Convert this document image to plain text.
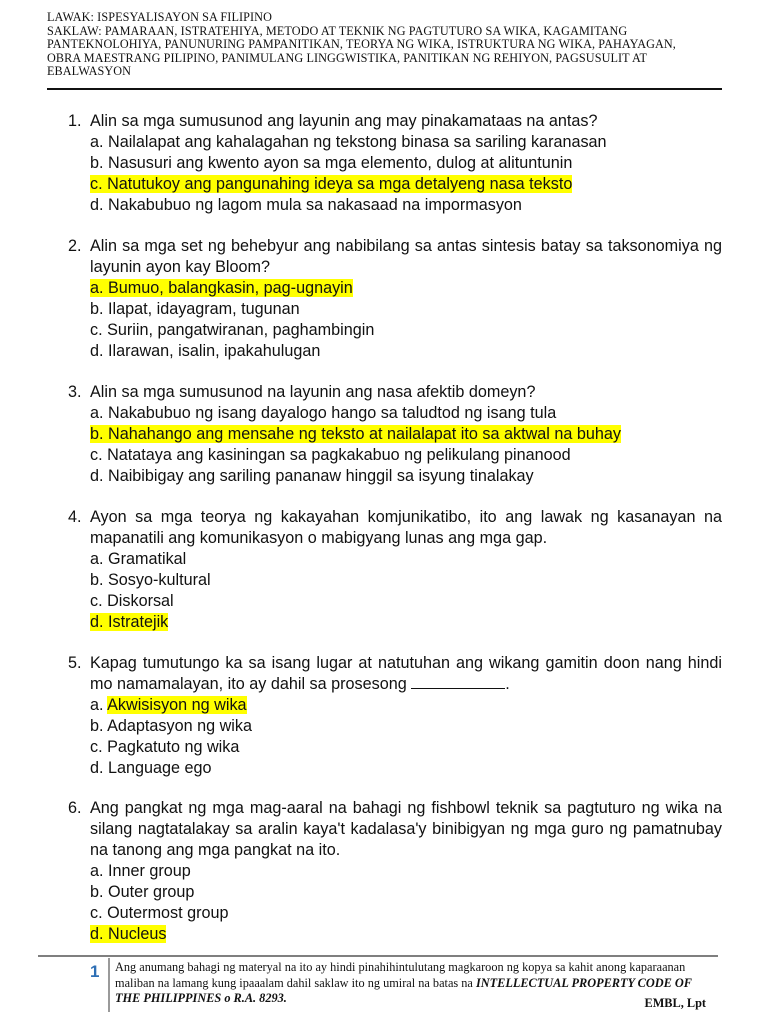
LAWAK: ISPESYALISAYON SA FILIPINO
SAKLAW: PAMARAAN, ISTRATEHIYA, METODO AT TEKNIK NG PAGTUTURO SA WIKA, KAGAMITANG
PANTEKNOLOHIYA, PANUNURING PAMPANITIKAN, TEORYA NG WIKA, ISTRUKTURA NG WIKA, PAHAYAGAN,
OBRA MAESTRANG PILIPINO, PANIMULANG LINGGWISTIKA, PANITIKAN NG REHIYON, PAGSUSULIT AT
EBALWASYON
1. Alin sa mga sumusunod ang layunin ang may pinakamataas na antas?
a. Nailalapat ang kahalagahan ng tekstong binasa sa sariling karanasan
b. Nasusuri ang kwento ayon sa mga elemento, dulog at alituntunin
c. Natutukoy ang pangunahing ideya sa mga detalyeng nasa teksto
d. Nakabubuo ng lagom mula sa nakasaad na impormasyon
2. Alin sa mga set ng behebyur ang nabibilang sa antas sintesis batay sa taksonomiya ng layunin ayon kay Bloom?
a. Bumuo, balangkasin, pag-ugnayin
b. Ilapat, idayagram, tugunan
c. Suriin, pangatwiranan, paghambingin
d. Ilarawan, isalin, ipakahulugan
3. Alin sa mga sumusunod na layunin ang nasa afektib domeyn?
a. Nakabubuo ng isang dayalogo hango sa taludtod ng isang tula
b. Nahahango ang mensahe ng teksto at nailalapat ito sa aktwal na buhay
c. Natataya ang kasiningan sa pagkakabuo ng pelikulang pinanood
d. Naibibigay ang sariling pananaw hinggil sa isyung tinalakay
4. Ayon sa mga teorya ng kakayahan komjunikatibo, ito ang lawak ng kasanayan na mapanatili ang komunikasyon o mabigyang lunas ang mga gap.
a. Gramatikal
b. Sosyo-kultural
c. Diskorsal
d. Istratejik
5. Kapag tumutungo ka sa isang lugar at natutuhan ang wikang gamitin doon nang hindi mo namamalayan, ito ay dahil sa prosesong	.
a. Akwisisyon ng wika
b. Adaptasyon ng wika
c. Pagkatuto ng wika
d. Language ego
6. Ang pangkat ng mga mag-aaral na bahagi ng fishbowl teknik sa pagtuturo ng wika na silang nagtatalakay sa aralin kaya't kadalasa'y binibigyan ng mga guro ng pamatnubay na tanong ang mga pangkat na ito.
a. Inner group
b. Outer group
c. Outermost group
d. Nucleus
1	Ang anumang bahagi ng materyal na ito ay hindi pinahihintulutang magkaroon ng kopya sa kahit anong kaparaanan maliban na lamang kung ipaaalam dahil saklaw ito ng umiral na batas na INTELLECTUAL PROPERTY CODE OF THE PHILIPPINES o R.A. 8293.	EMBL, Lpt
